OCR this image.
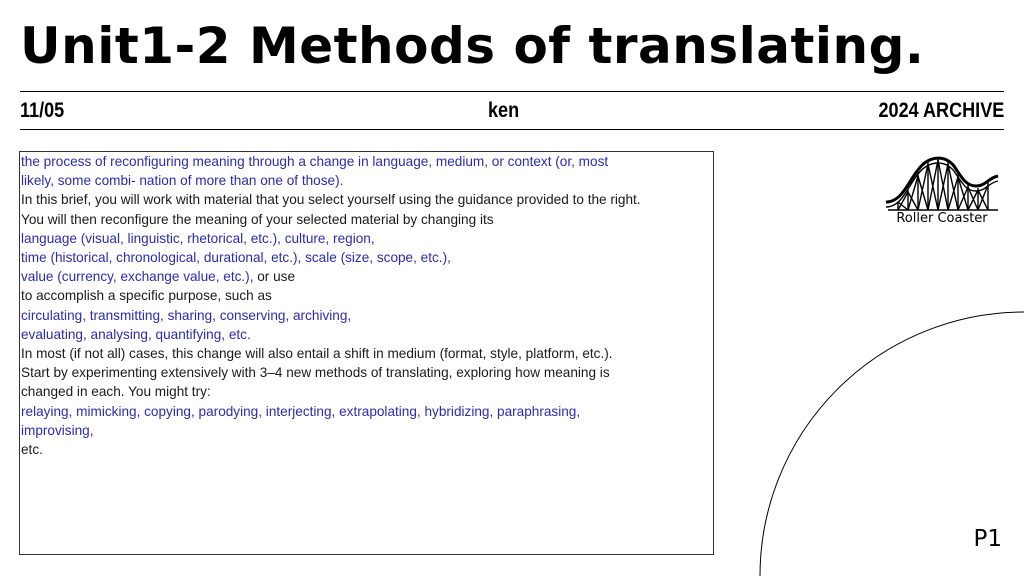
Unit1-2 Methods of translating.
11/05	ken	2024 ARCHIVE
the process of reconfiguring meaning through a change in language, medium, or context (or, most
likely, some combi- nation of more than one of those).
In this brief, you will work with material that you select yourself using the guidance provided to the right.
You will then reconfigure the meaning of your selected material by changing its
language (visual, linguistic, rhetorical, etc.), culture, region,
time (historical, chronological, durational, etc.), scale (size, scope, etc.),
value (currency, exchange value, etc.), or use
to accomplish a specific purpose, such as
circulating, transmitting, sharing, conserving, archiving,
evaluating, analysing, quantifying, etc.
In most (if not all) cases, this change will also entail a shift in medium (format, style, platform, etc.).
Start by experimenting extensively with 3–4 new methods of translating, exploring how meaning is
changed in each. You might try:
relaying, mimicking, copying, parodying, interjecting, extrapolating, hybridizing, paraphrasing,
improvising,
etc.
Roller Coaster
P1
